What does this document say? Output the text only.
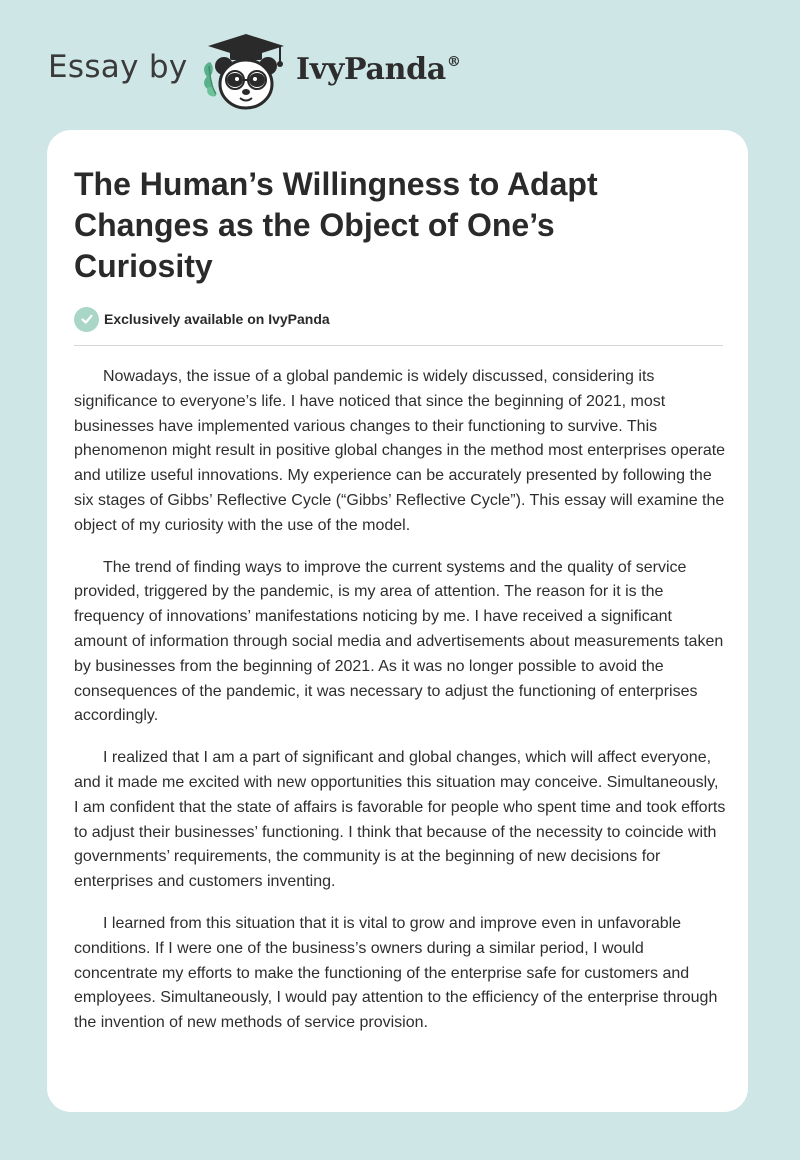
Essay by	IvyPanda®
The Human’s Willingness to Adapt Changes as the Object of One’s Curiosity
Exclusively available on IvyPanda

Nowadays, the issue of a global pandemic is widely discussed, considering its significance to everyone’s life. I have noticed that since the beginning of 2021, most businesses have implemented various changes to their functioning to survive. This phenomenon might result in positive global changes in the method most enterprises operate and utilize useful innovations. My experience can be accurately presented by following the six stages of Gibbs’ Reflective Cycle (“Gibbs’ Reflective Cycle”). This essay will examine the object of my curiosity with the use of the model.

The trend of finding ways to improve the current systems and the quality of service provided, triggered by the pandemic, is my area of attention. The reason for it is the frequency of innovations’ manifestations noticing by me. I have received a significant amount of information through social media and advertisements about measurements taken by businesses from the beginning of 2021. As it was no longer possible to avoid the consequences of the pandemic, it was necessary to adjust the functioning of enterprises accordingly.

I realized that I am a part of significant and global changes, which will affect everyone, and it made me excited with new opportunities this situation may conceive. Simultaneously, I am confident that the state of affairs is favorable for people who spent time and took efforts to adjust their businesses’ functioning. I think that because of the necessity to coincide with governments’ requirements, the community is at the beginning of new decisions for enterprises and customers inventing.

I learned from this situation that it is vital to grow and improve even in unfavorable conditions. If I were one of the business’s owners during a similar period, I would concentrate my efforts to make the functioning of the enterprise safe for customers and employees. Simultaneously, I would pay attention to the efficiency of the enterprise through the invention of new methods of service provision.
